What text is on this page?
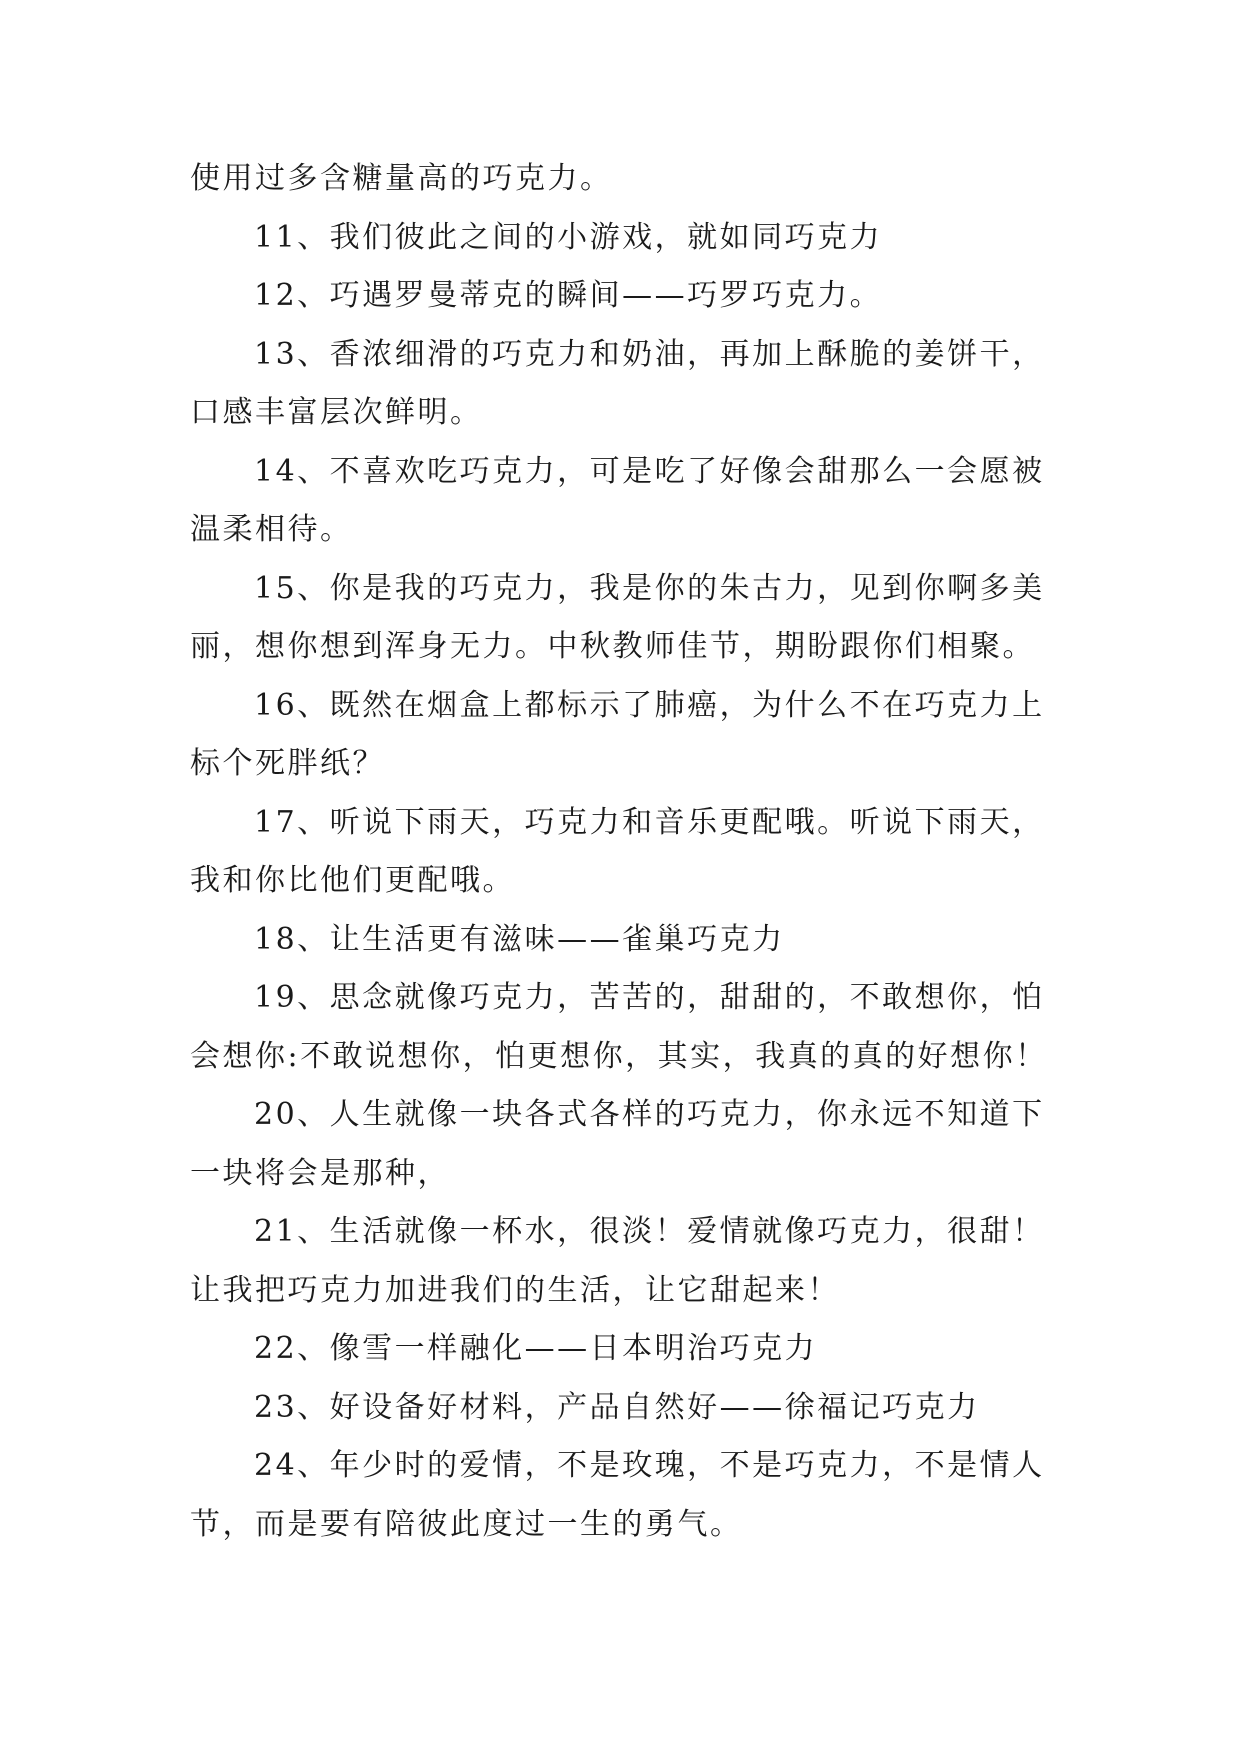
使用过多含糖量高的巧克力。

11、我们彼此之间的小游戏，就如同巧克力

12、巧遇罗曼蒂克的瞬间——巧罗巧克力。

13、香浓细滑的巧克力和奶油，再加上酥脆的姜饼干，口感丰富层次鲜明。

14、不喜欢吃巧克力，可是吃了好像会甜那么一会愿被温柔相待。

15、你是我的巧克力，我是你的朱古力，见到你啊多美丽，想你想到浑身无力。中秋教师佳节，期盼跟你们相聚。

16、既然在烟盒上都标示了肺癌，为什么不在巧克力上标个死胖纸？

17、听说下雨天，巧克力和音乐更配哦。听说下雨天，我和你比他们更配哦。

18、让生活更有滋味——雀巢巧克力

19、思念就像巧克力，苦苦的，甜甜的，不敢想你，怕会想你:不敢说想你，怕更想你，其实，我真的真的好想你！

20、人生就像一块各式各样的巧克力，你永远不知道下一块将会是那种，

21、生活就像一杯水，很淡！爱情就像巧克力，很甜！让我把巧克力加进我们的生活，让它甜起来！

22、像雪一样融化——日本明治巧克力

23、好设备好材料，产品自然好——徐福记巧克力

24、年少时的爱情，不是玫瑰，不是巧克力，不是情人节，而是要有陪彼此度过一生的勇气。
